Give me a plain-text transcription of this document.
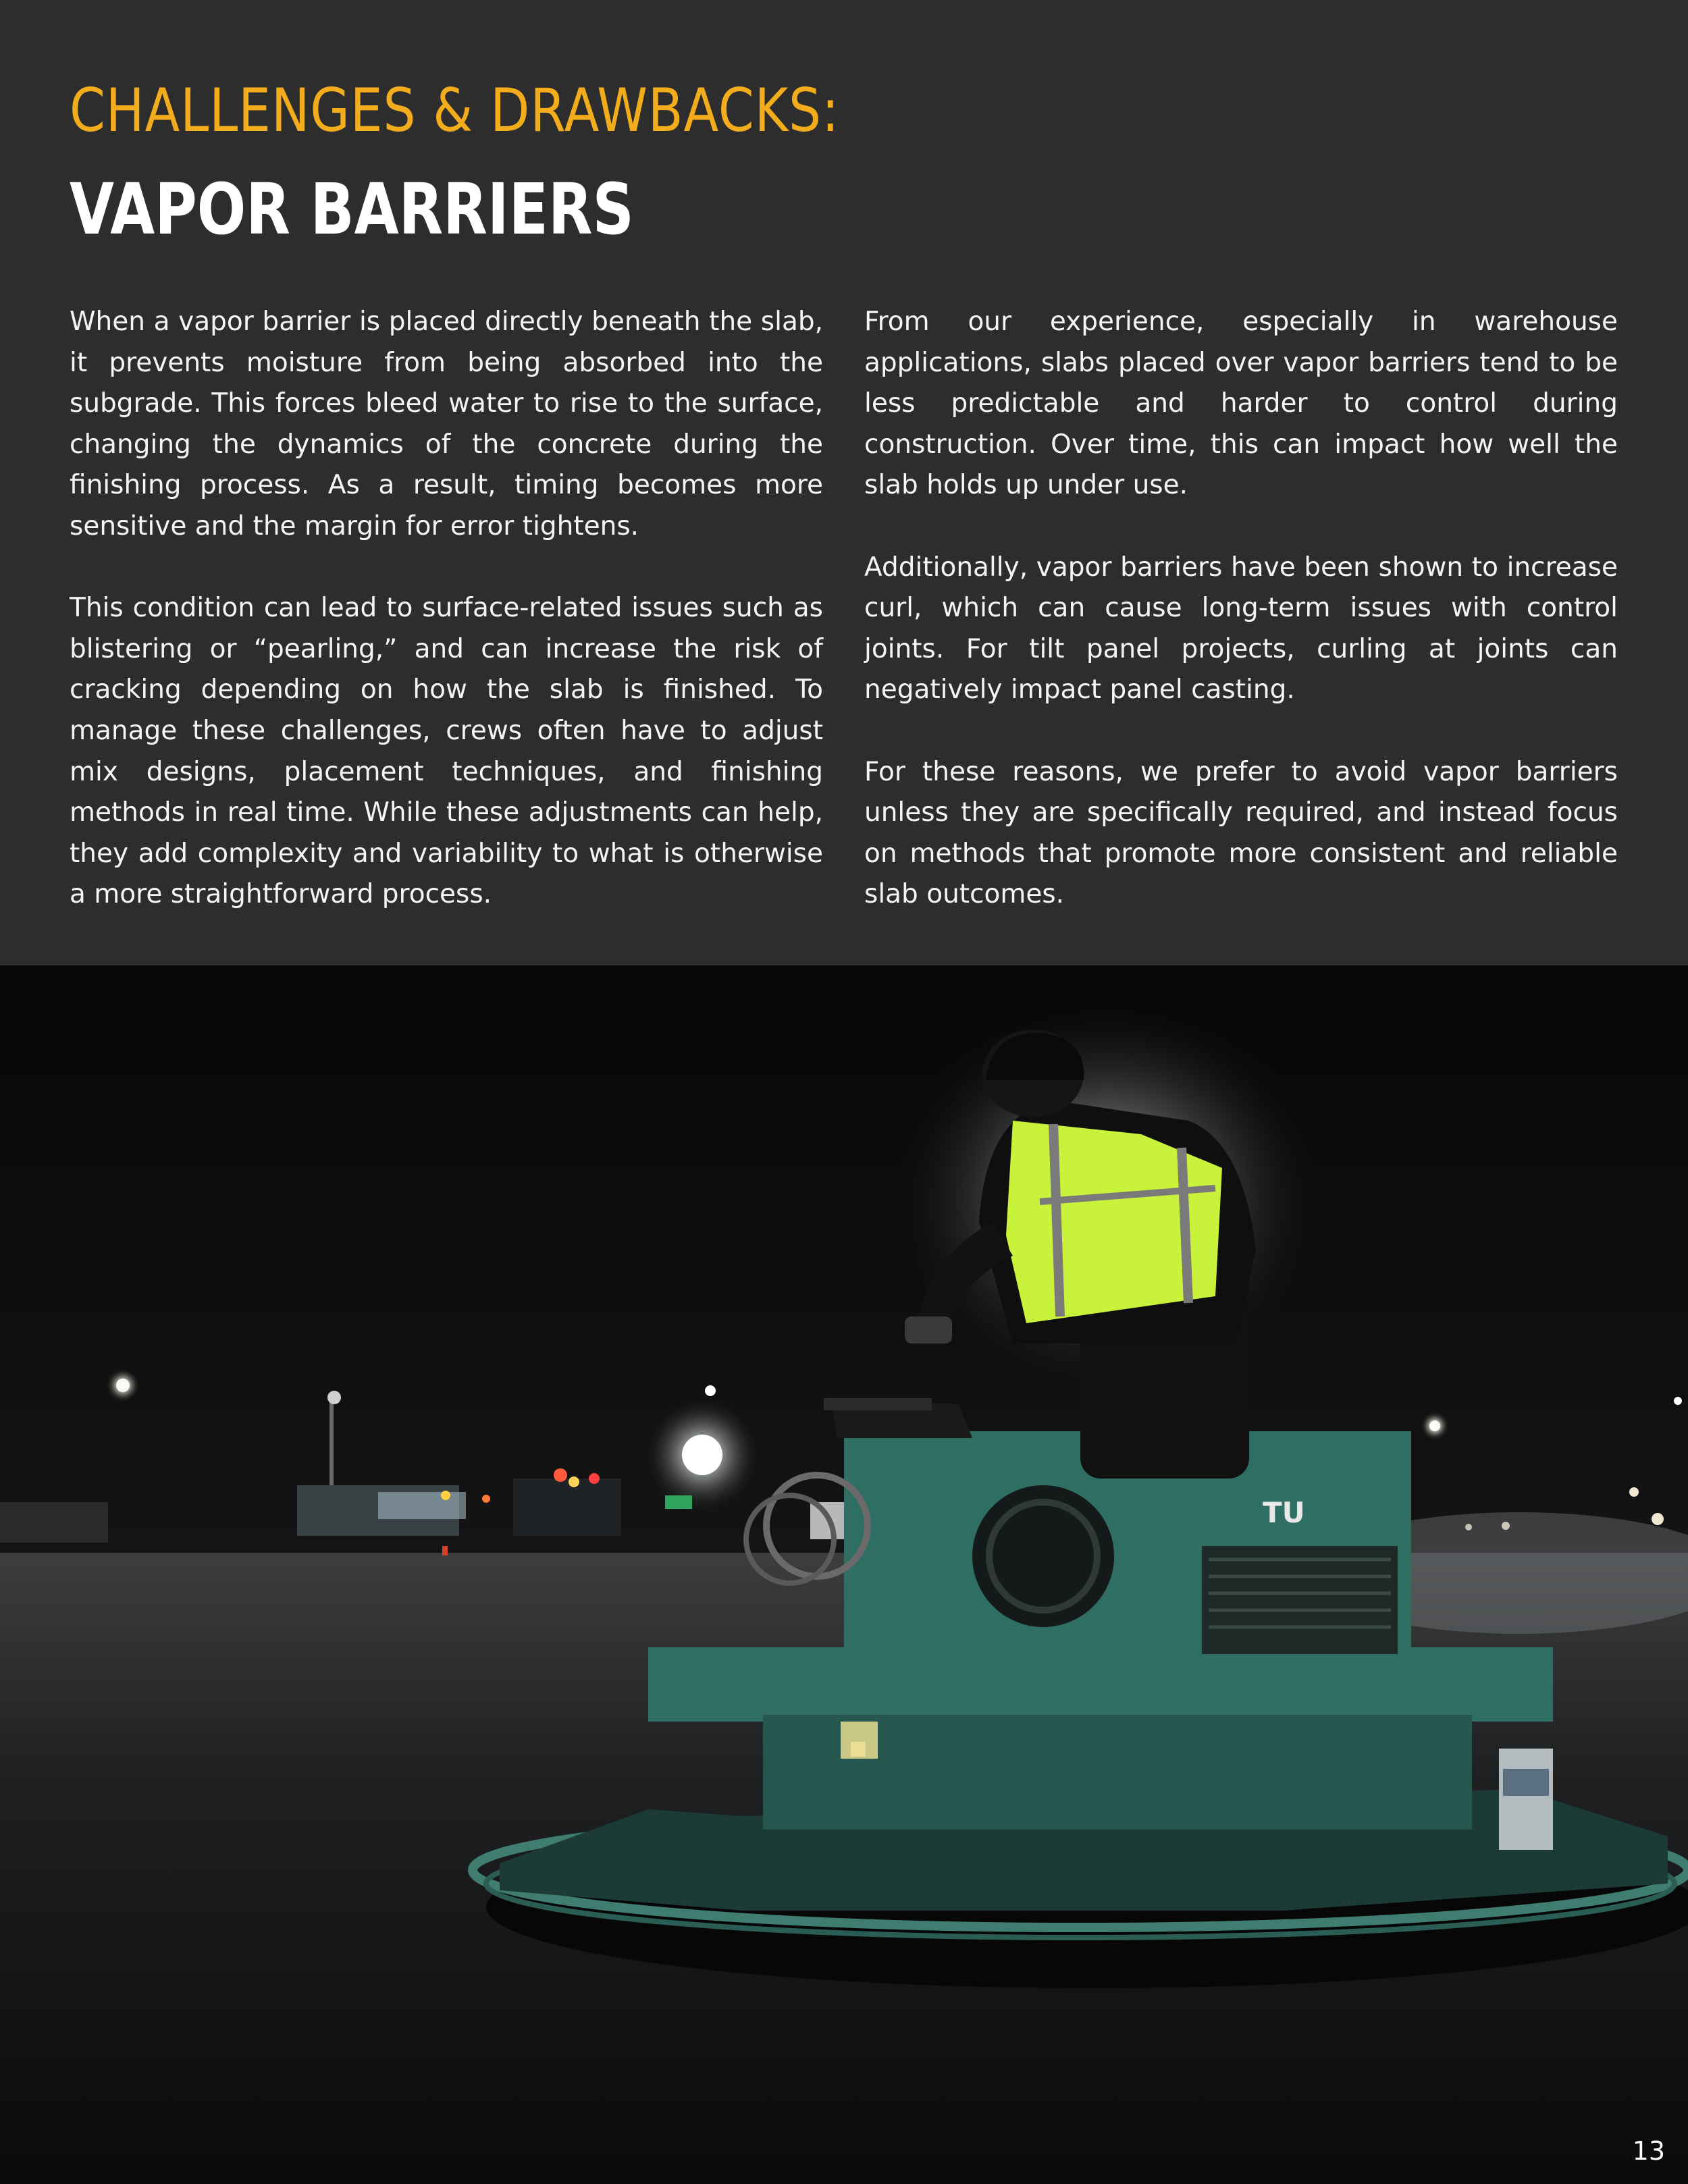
CHALLENGES & DRAWBACKS:
VAPOR BARRIERS

When a vapor barrier is placed directly beneath the slab, it prevents moisture from being absorbed into the subgrade. This forces bleed water to rise to the surface, changing the dynamics of the concrete during the finishing process. As a result, timing becomes more sensitive and the margin for error tightens.

This condition can lead to surface-related issues such as blistering or “pearling,” and can increase the risk of cracking depending on how the slab is finished. To manage these challenges, crews often have to adjust mix designs, placement techniques, and finishing methods in real time. While these adjustments can help, they add complexity and variability to what is otherwise a more straightforward process.

From our experience, especially in warehouse applications, slabs placed over vapor barriers tend to be less predictable and harder to control during construction. Over time, this can impact how well the slab holds up under use.

Additionally, vapor barriers have been shown to increase curl, which can cause long-term issues with control joints. For tilt panel projects, curling at joints can negatively impact panel casting.

For these reasons, we prefer to avoid vapor barriers unless they are specifically required, and instead focus on methods that promote more consistent and reliable slab outcomes.

TU
13
